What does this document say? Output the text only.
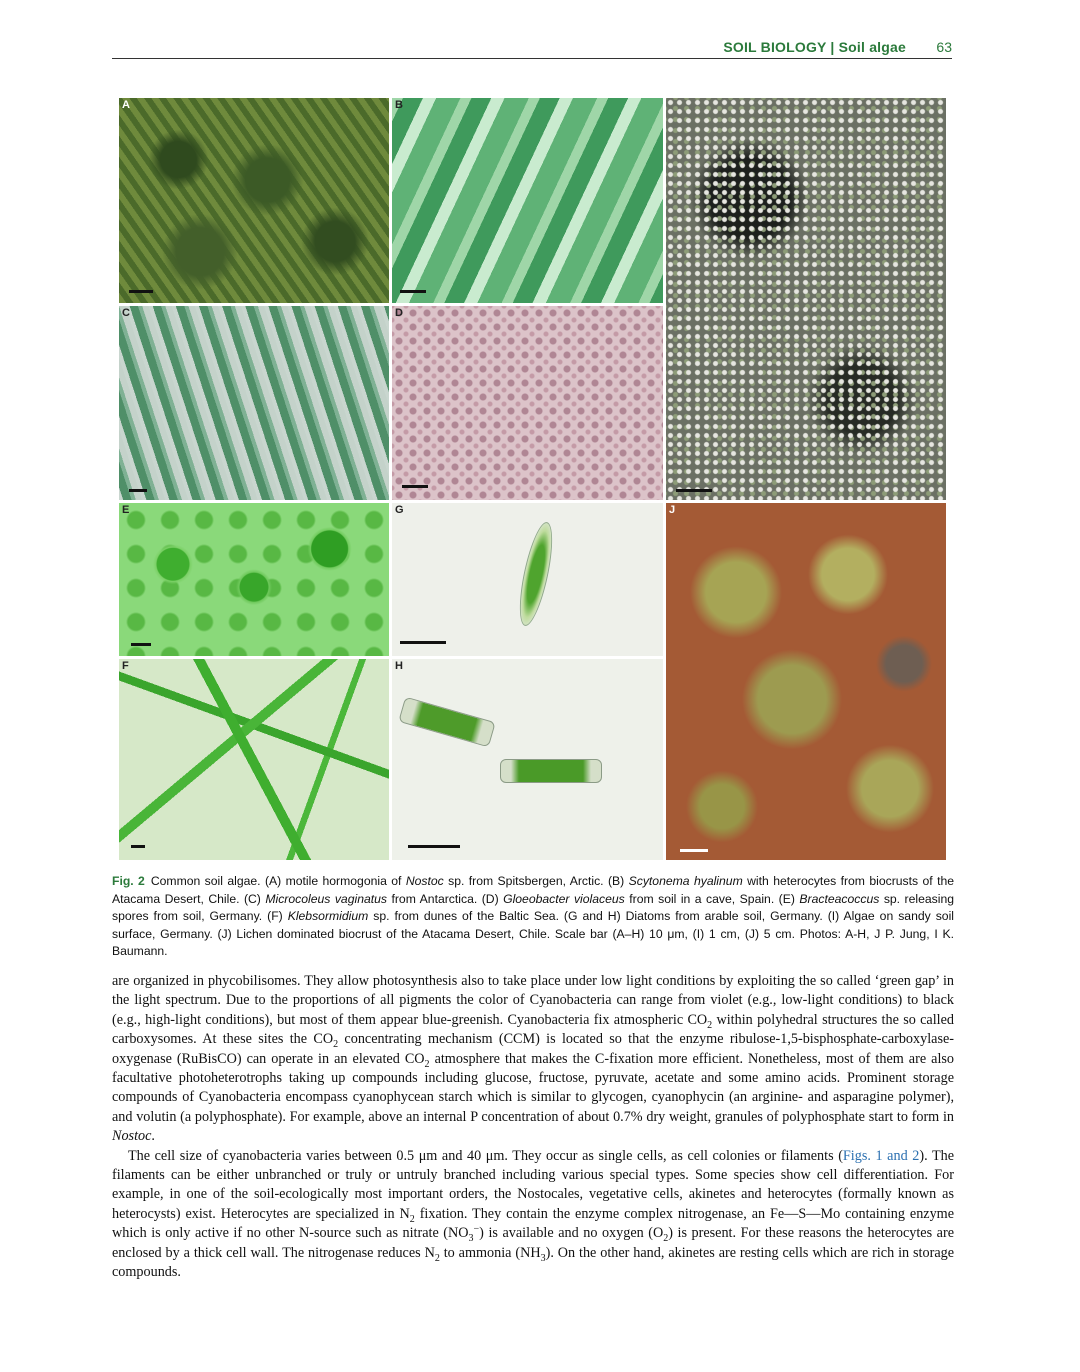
SOIL BIOLOGY | Soil algae 63
A	B
C	D
E	G
F	H
J
Fig. 2 Common soil algae. (A) motile hormogonia of Nostoc sp. from Spitsbergen, Arctic. (B) Scytonema hyalinum with heterocytes from biocrusts of the Atacama Desert, Chile. (C) Microcoleus vaginatus from Antarctica. (D) Gloeobacter violaceus from soil in a cave, Spain. (E) Bracteacoccus sp. releasing spores from soil, Germany. (F) Klebsormidium sp. from dunes of the Baltic Sea. (G and H) Diatoms from arable soil, Germany. (I) Algae on sandy soil surface, Germany. (J) Lichen dominated biocrust of the Atacama Desert, Chile. Scale bar (A–H) 10 μm, (I) 1 cm, (J) 5 cm. Photos: A-H, J P. Jung, I K. Baumann.

are organized in phycobilisomes. They allow photosynthesis also to take place under low light conditions by exploiting the so called ‘green gap’ in the light spectrum. Due to the proportions of all pigments the color of Cyanobacteria can range from violet (e.g., low-light conditions) to black (e.g., high-light conditions), but most of them appear blue-greenish. Cyanobacteria fix atmospheric $CO_2$ within polyhedral structures the so called carboxysomes. At these sites the $CO_2$ concentrating mechanism (CCM) is located so that the enzyme ribulose-1,5-bisphosphate-carboxylase-oxygenase (RuBisCO) can operate in an elevated $CO_2$ atmosphere that makes the C-fixation more efficient. Nonetheless, most of them are also facultative photoheterotrophs taking up compounds including glucose, fructose, pyruvate, acetate and some amino acids. Prominent storage compounds of Cyanobacteria encompass cyanophycean starch which is similar to glycogen, cyanophycin (an arginine- and asparagine polymer), and volutin (a polyphosphate). For example, above an internal P concentration of about 0.7% dry weight, granules of polyphosphate start to form in Nostoc.

The cell size of cyanobacteria varies between 0.5 μm and 40 μm. They occur as single cells, as cell colonies or filaments (Figs. 1 and 2). The filaments can be either unbranched or truly or untruly branched including various special types. Some species show cell differentiation. For example, in one of the soil-ecologically most important orders, the Nostocales, vegetative cells, akinetes and heterocytes (formally known as heterocysts) exist. Heterocytes are specialized in $N_2$ fixation. They contain the enzyme complex nitrogenase, an Fe—S—Mo containing enzyme which is only active if no other N-source such as nitrate $(NO_3^-)$ is available and no oxygen $(O_2)$ is present. For these reasons the heterocytes are enclosed by a thick cell wall. The nitrogenase reduces $N_2$ to ammonia $(NH_3)$. On the other hand, akinetes are resting cells which are rich in storage compounds.
